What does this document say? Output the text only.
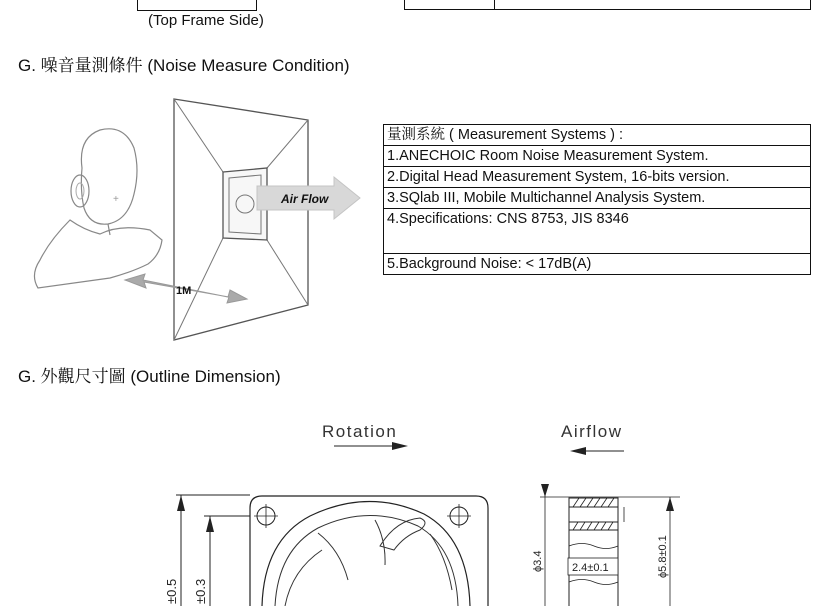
(Top Frame Side)
G. 噪音量測條件 (Noise Measure Condition)
Air Flow
+
1M
量測系統 ( Measurement Systems ) :
1.ANECHOIC Room Noise Measurement System.
2.Digital Head Measurement System, 16-bits version.
3.SQlab III, Mobile Multichannel Analysis System.
4.Specifications: CNS 8753, JIS 8346
5.Background Noise: < 17dB(A)
G. 外觀尺寸圖 (Outline Dimension)
Rotation	Airflow
±0.5 ±0.3
ϕ3.4	2.4±0.1	ϕ5.8±0.1
